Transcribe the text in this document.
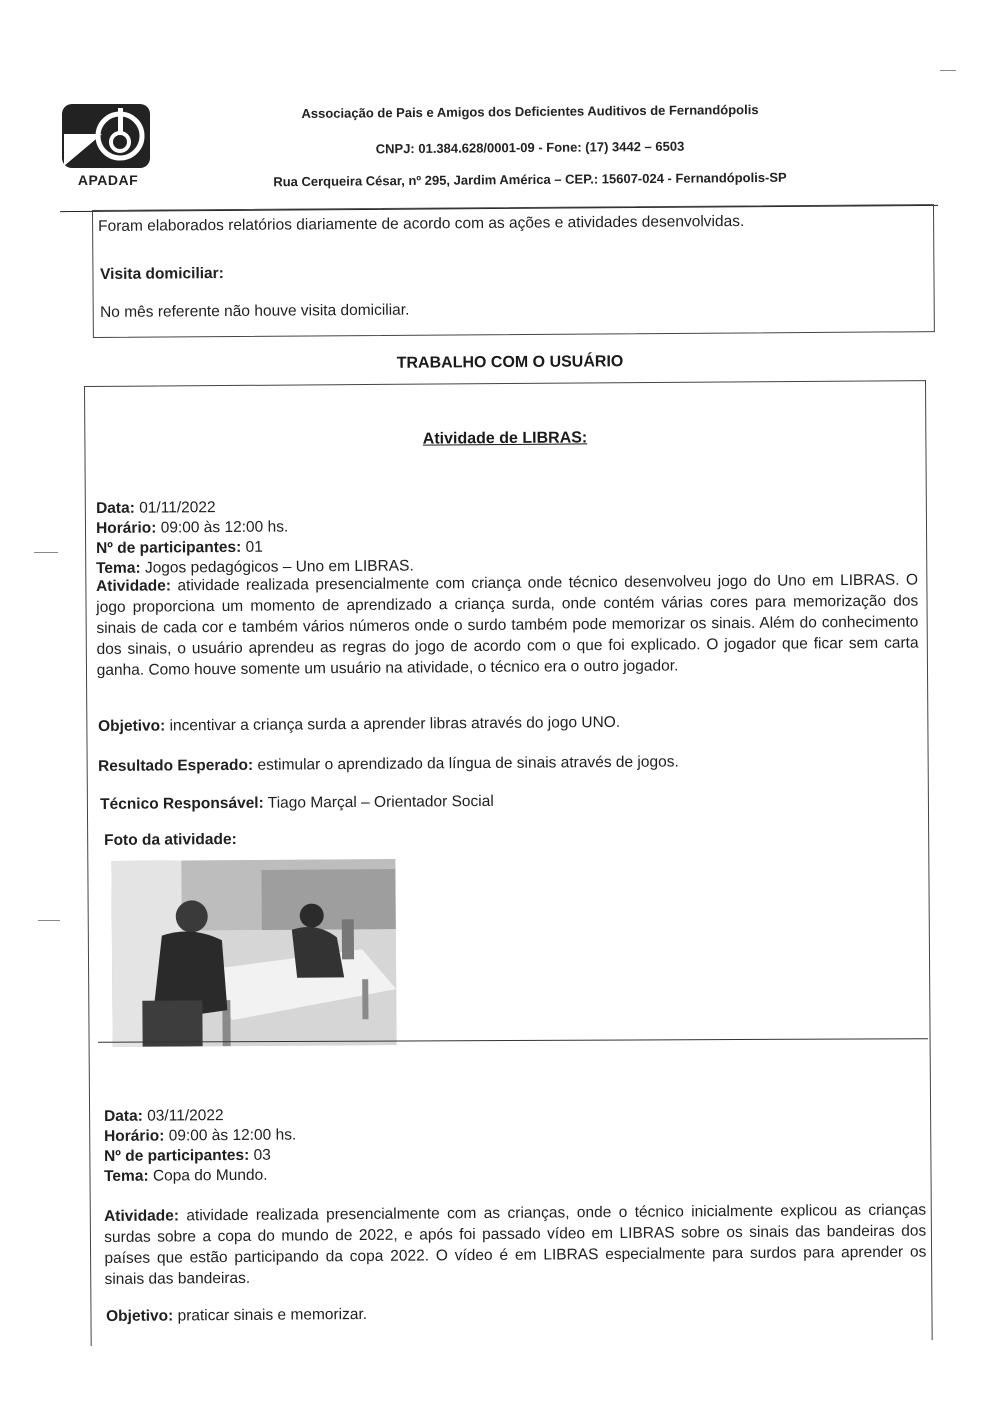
A
APADAF
Associação de Pais e Amigos dos Deficientes Auditivos de Fernandópolis
CNPJ: 01.384.628/0001-09 - Fone: (17) 3442 – 6503
Rua Cerqueira César, nº 295, Jardim América – CEP.: 15607-024 - Fernandópolis-SP

Foram elaborados relatórios diariamente de acordo com as ações e atividades desenvolvidas.

Visita domiciliar:

No mês referente não houve visita domiciliar.

TRABALHO COM O USUÁRIO
Atividade de LIBRAS:

Data: 01/11/2022

Horário: 09:00 às 12:00 hs.

Nº de participantes: 01

Tema: Jogos pedagógicos – Uno em LIBRAS.

Atividade: atividade realizada presencialmente com criança onde técnico desenvolveu jogo do Uno em LIBRAS. O jogo proporciona um momento de aprendizado a criança surda, onde contém várias cores para memorização dos sinais de cada cor e também vários números onde o surdo também pode memorizar os sinais. Além do conhecimento dos sinais, o usuário aprendeu as regras do jogo de acordo com o que foi explicado. O jogador que ficar sem carta ganha. Como houve somente um usuário na atividade, o técnico era o outro jogador.

Objetivo: incentivar a criança surda a aprender libras através do jogo UNO.

Resultado Esperado: estimular o aprendizado da língua de sinais através de jogos.

Técnico Responsável: Tiago Marçal – Orientador Social

Foto da atividade:

Data: 03/11/2022

Horário: 09:00 às 12:00 hs.

Nº de participantes: 03

Tema: Copa do Mundo.

Atividade: atividade realizada presencialmente com as crianças, onde o técnico inicialmente explicou as crianças surdas sobre a copa do mundo de 2022, e após foi passado vídeo em LIBRAS sobre os sinais das bandeiras dos países que estão participando da copa 2022. O vídeo é em LIBRAS especialmente para surdos para aprender os sinais das bandeiras.

Objetivo: praticar sinais e memorizar.
